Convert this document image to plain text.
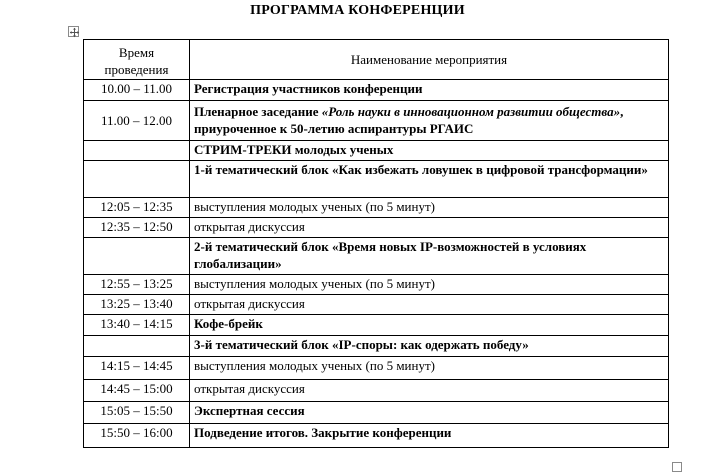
ПРОГРАММА КОНФЕРЕНЦИИ
Время
проведения	Наименование мероприятия
10.00 – 11.00	Регистрация участников конференции
11.00 – 12.00	Пленарное заседание «Роль науки в инновационном развитии общества», приуроченное к 50-летию аспирантуры РГАИС
	СТРИМ-ТРЕКИ молодых ученых
	1-й тематический блок «Как избежать ловушек в цифровой трансформации»
12:05 – 12:35	выступления молодых ученых (по 5 минут)
12:35 – 12:50	открытая дискуссия
	2-й тематический блок «Время новых IP-возможностей в условиях глобализации»
12:55 – 13:25	выступления молодых ученых (по 5 минут)
13:25 – 13:40	открытая дискуссия
13:40 – 14:15	Кофе-брейк
	3-й тематический блок «IP-споры: как одержать победу»
14:15 – 14:45	выступления молодых ученых (по 5 минут)
14:45 – 15:00	открытая дискуссия
15:05 – 15:50	Экспертная сессия
15:50 – 16:00	Подведение итогов. Закрытие конференции
